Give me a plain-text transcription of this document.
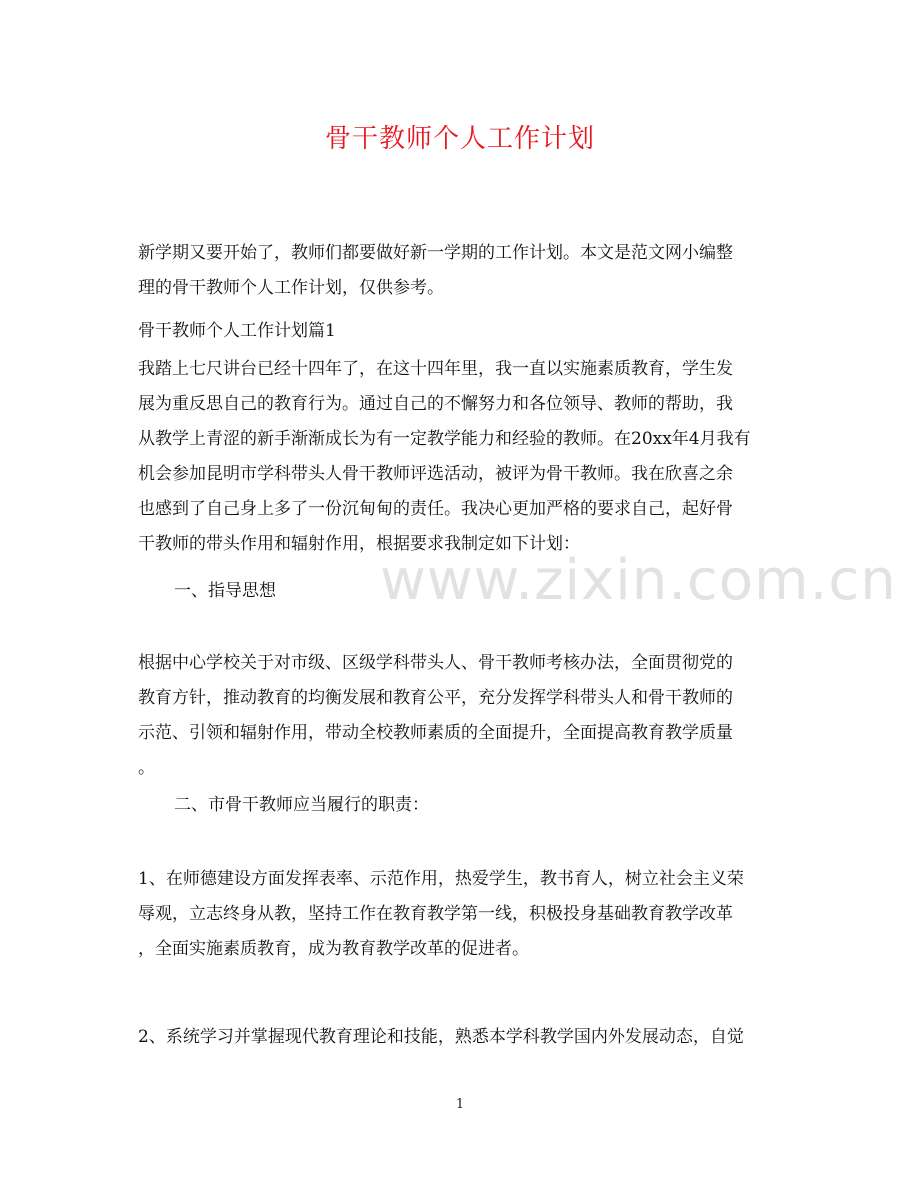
骨干教师个人工作计划
新学期又要开始了，教师们都要做好新一学期的工作计划。本文是范文网小编整
理的骨干教师个人工作计划，仅供参考。
骨干教师个人工作计划篇1
我踏上七尺讲台已经十四年了，在这十四年里，我一直以实施素质教育，学生发
展为重反思自己的教育行为。通过自己的不懈努力和各位领导、教师的帮助，我
从教学上青涩的新手渐渐成长为有一定教学能力和经验的教师。在20xx年4月我有
机会参加昆明市学科带头人骨干教师评选活动，被评为骨干教师。我在欣喜之余
也感到了自己身上多了一份沉甸甸的责任。我决心更加严格的要求自己，起好骨
干教师的带头作用和辐射作用，根据要求我制定如下计划：
一、指导思想
根据中心学校关于对市级、区级学科带头人、骨干教师考核办法，全面贯彻党的
教育方针，推动教育的均衡发展和教育公平，充分发挥学科带头人和骨干教师的
示范、引领和辐射作用，带动全校教师素质的全面提升，全面提高教育教学质量
。
二、市骨干教师应当履行的职责：
1、在师德建设方面发挥表率、示范作用，热爱学生，教书育人，树立社会主义荣
辱观，立志终身从教，坚持工作在教育教学第一线，积极投身基础教育教学改革
，全面实施素质教育，成为教育教学改革的促进者。
2、系统学习并掌握现代教育理论和技能，熟悉本学科教学国内外发展动态，自觉
www.zixin.com.cn
1
